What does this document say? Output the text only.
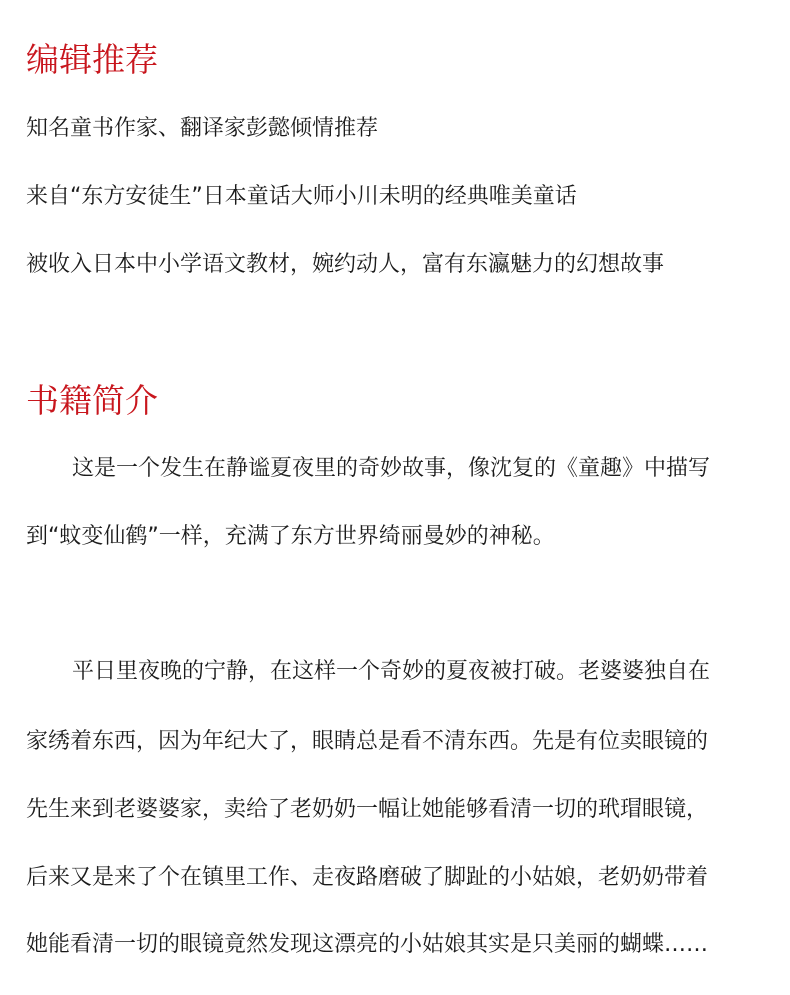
编辑推荐

知名童书作家、翻译家彭懿倾情推荐

来自“东方安徒生”日本童话大师小川未明的经典唯美童话

被收入日本中小学语文教材，婉约动人，富有东瀛魅力的幻想故事

书籍简介

这是一个发生在静谧夏夜里的奇妙故事，像沈复的《童趣》中描写

到“蚊变仙鹤”一样，充满了东方世界绮丽曼妙的神秘。

平日里夜晚的宁静，在这样一个奇妙的夏夜被打破。老婆婆独自在

家绣着东西，因为年纪大了，眼睛总是看不清东西。先是有位卖眼镜的

先生来到老婆婆家，卖给了老奶奶一幅让她能够看清一切的玳瑁眼镜，

后来又是来了个在镇里工作、走夜路磨破了脚趾的小姑娘，老奶奶带着

她能看清一切的眼镜竟然发现这漂亮的小姑娘其实是只美丽的蝴蝶……
